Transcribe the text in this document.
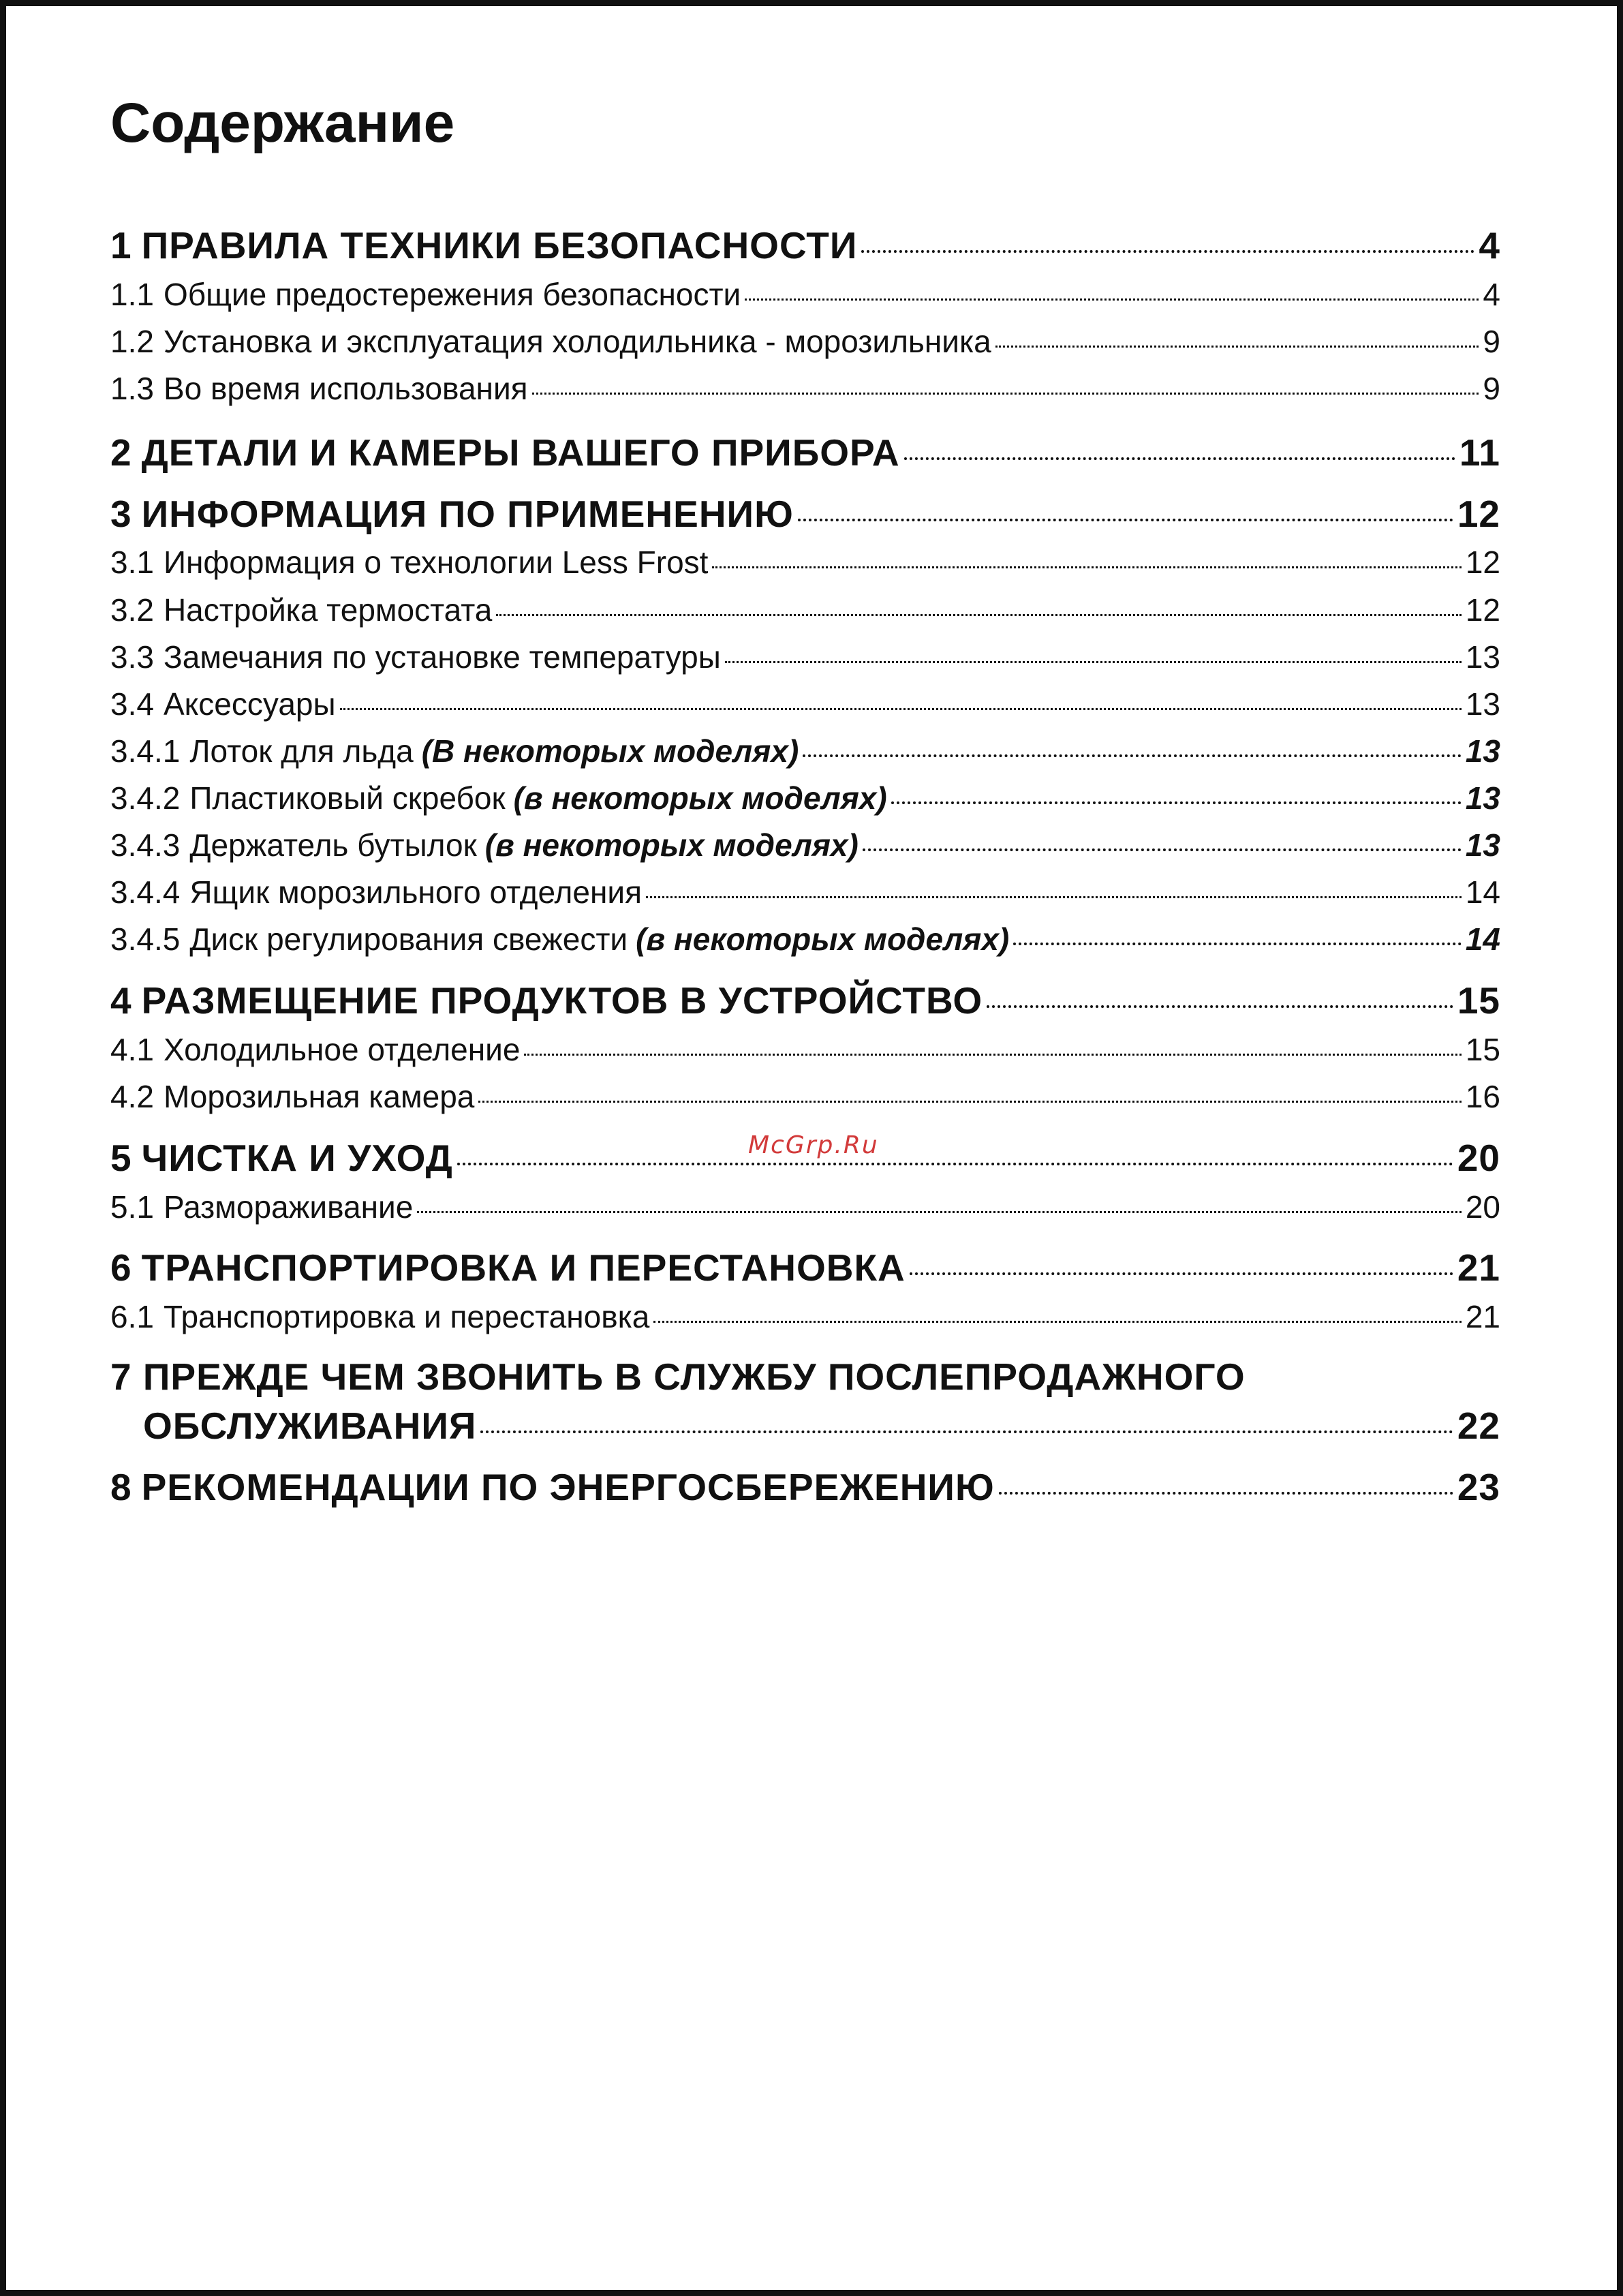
Содержание
1 ПРАВИЛА ТЕХНИКИ БЕЗОПАСНОСТИ	4
1.1 Общие предостережения безопасности	4
1.2 Установка и эксплуатация холодильника - морозильника	9
1.3 Во время использования	9
2 ДЕТАЛИ И КАМЕРЫ ВАШЕГО ПРИБОРА	11
3 ИНФОРМАЦИЯ ПО ПРИМЕНЕНИЮ	12
3.1 Информация о технологии Less Frost	12
3.2 Настройка термостата	12
3.3 Замечания по установке температуры	13
3.4 Аксессуары	13
3.4.1 Лоток для льда (В некоторых моделях)	13
3.4.2 Пластиковый скребок (в некоторых моделях)	13
3.4.3 Держатель бутылок (в некоторых моделях)	13
3.4.4 Ящик морозильного отделения	14
3.4.5 Диск регулирования свежести (в некоторых моделях)	14
4 РАЗМЕЩЕНИЕ ПРОДУКТОВ В УСТРОЙСТВО	15
4.1 Холодильное отделение	15
4.2 Морозильная камера	16
5 ЧИСТКА И УХОД	20
5.1 Размораживание	20
6 ТРАНСПОРТИРОВКА И ПЕРЕСТАНОВКА	21
6.1 Транспортировка и перестановка	21
7 ПРЕЖДЕ ЧЕМ ЗВОНИТЬ В СЛУЖБУ ПОСЛЕПРОДАЖНОГО
ОБСЛУЖИВАНИЯ	22
8 РЕКОМЕНДАЦИИ ПО ЭНЕРГОСБЕРЕЖЕНИЮ	23
McGrp.Ru
